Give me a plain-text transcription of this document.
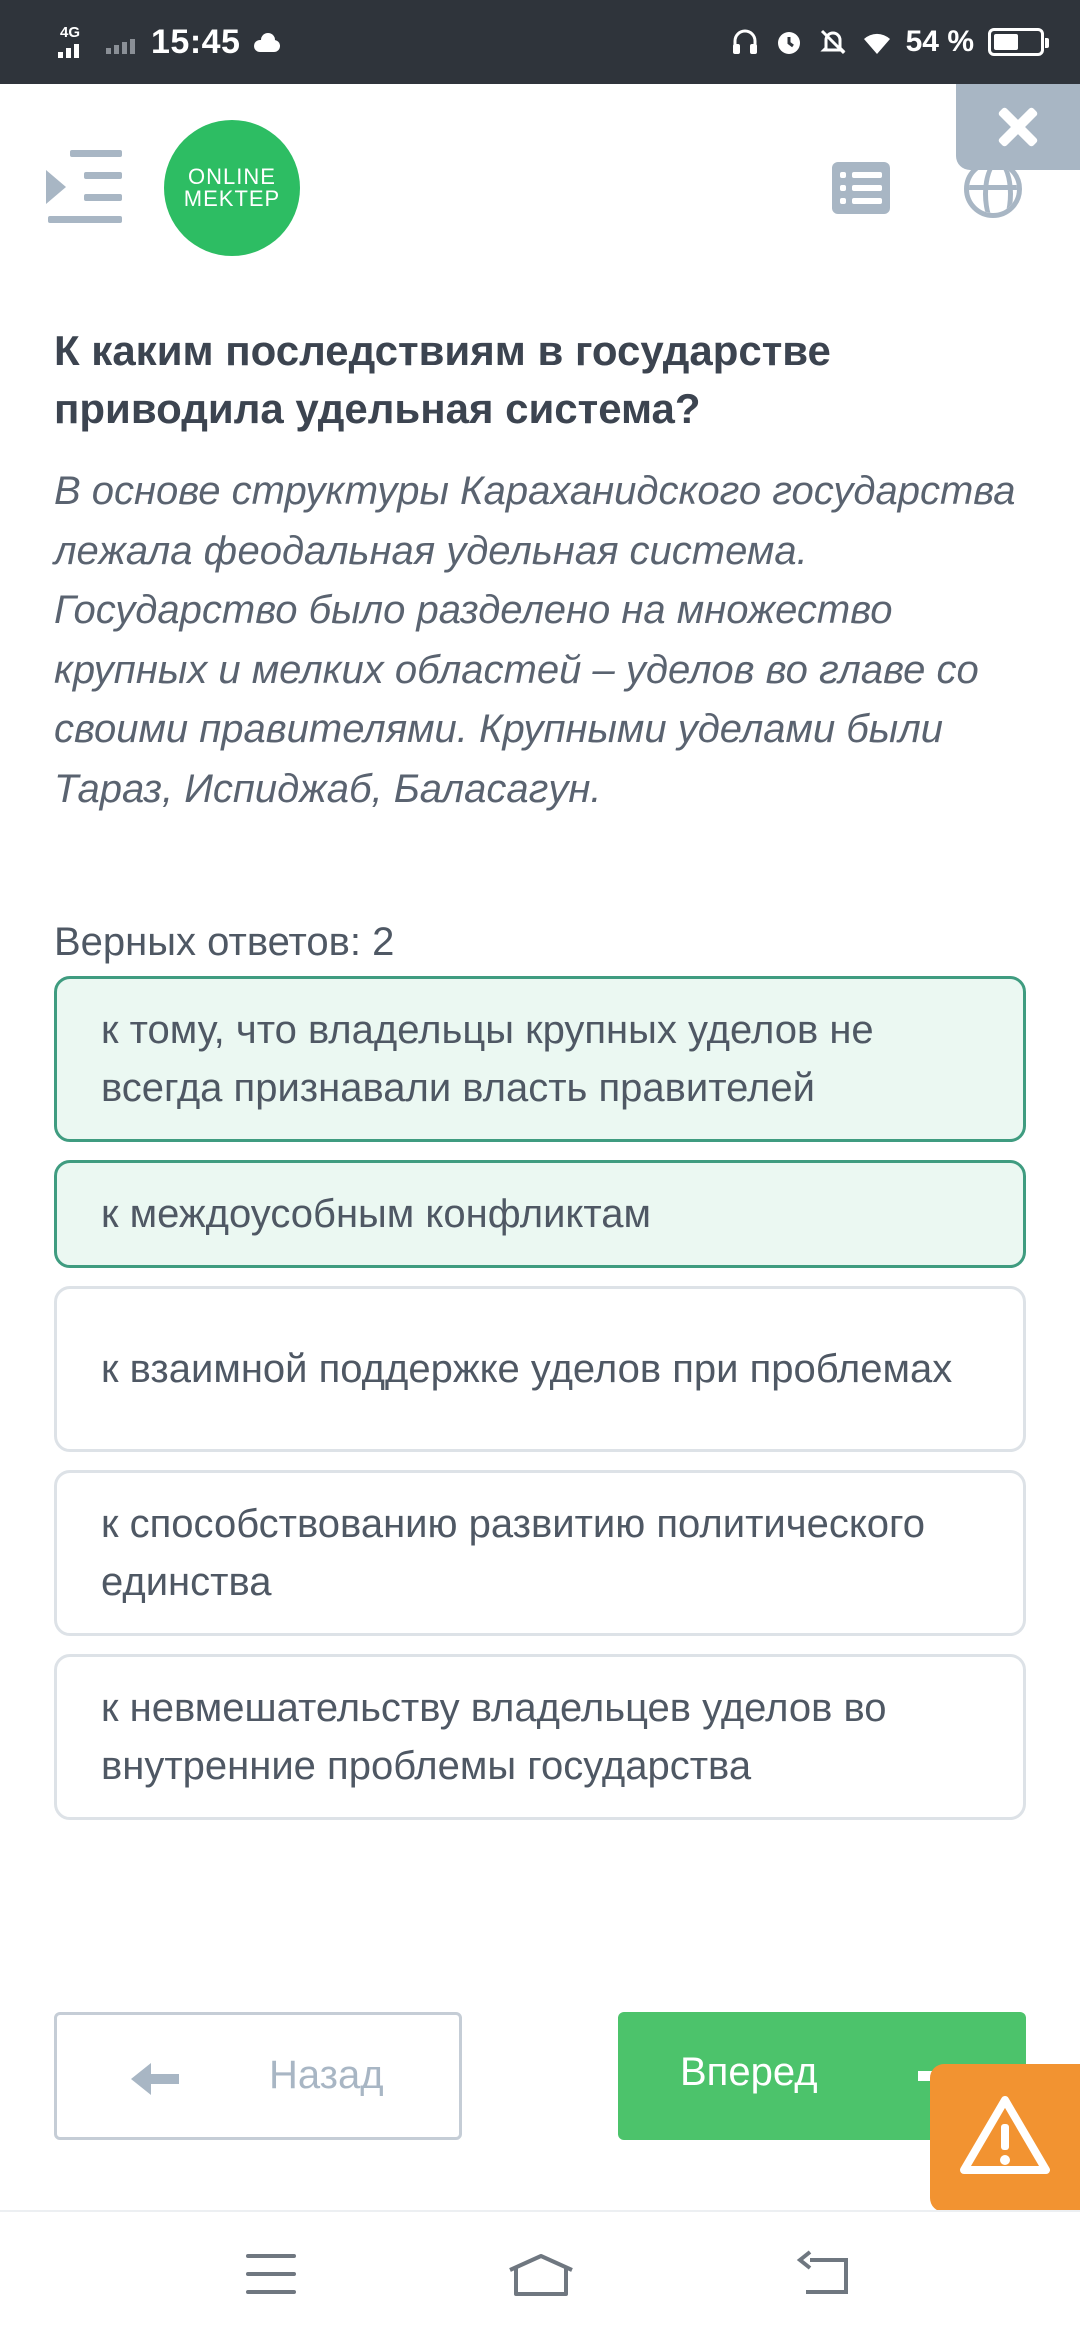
4G 15:45	54 %
ONLINE
MEKTEP
К каким последствиям в государстве приводила удельная система?
В основе структуры Караханидского государства лежала феодальная удельная система. Государство было разделено на множество крупных и мелких областей – уделов во главе со своими правителями. Крупными уделами были Тараз, Испиджаб, Баласагун.
Верных ответов: 2
к тому, что владельцы крупных уделов не всегда признавали власть правителей
к междоусобным конфликтам
к взаимной поддержке уделов при проблемах
к способствованию развитию политического единства
к невмешательству владельцев уделов во внутренние проблемы государства
Назад	Вперед
